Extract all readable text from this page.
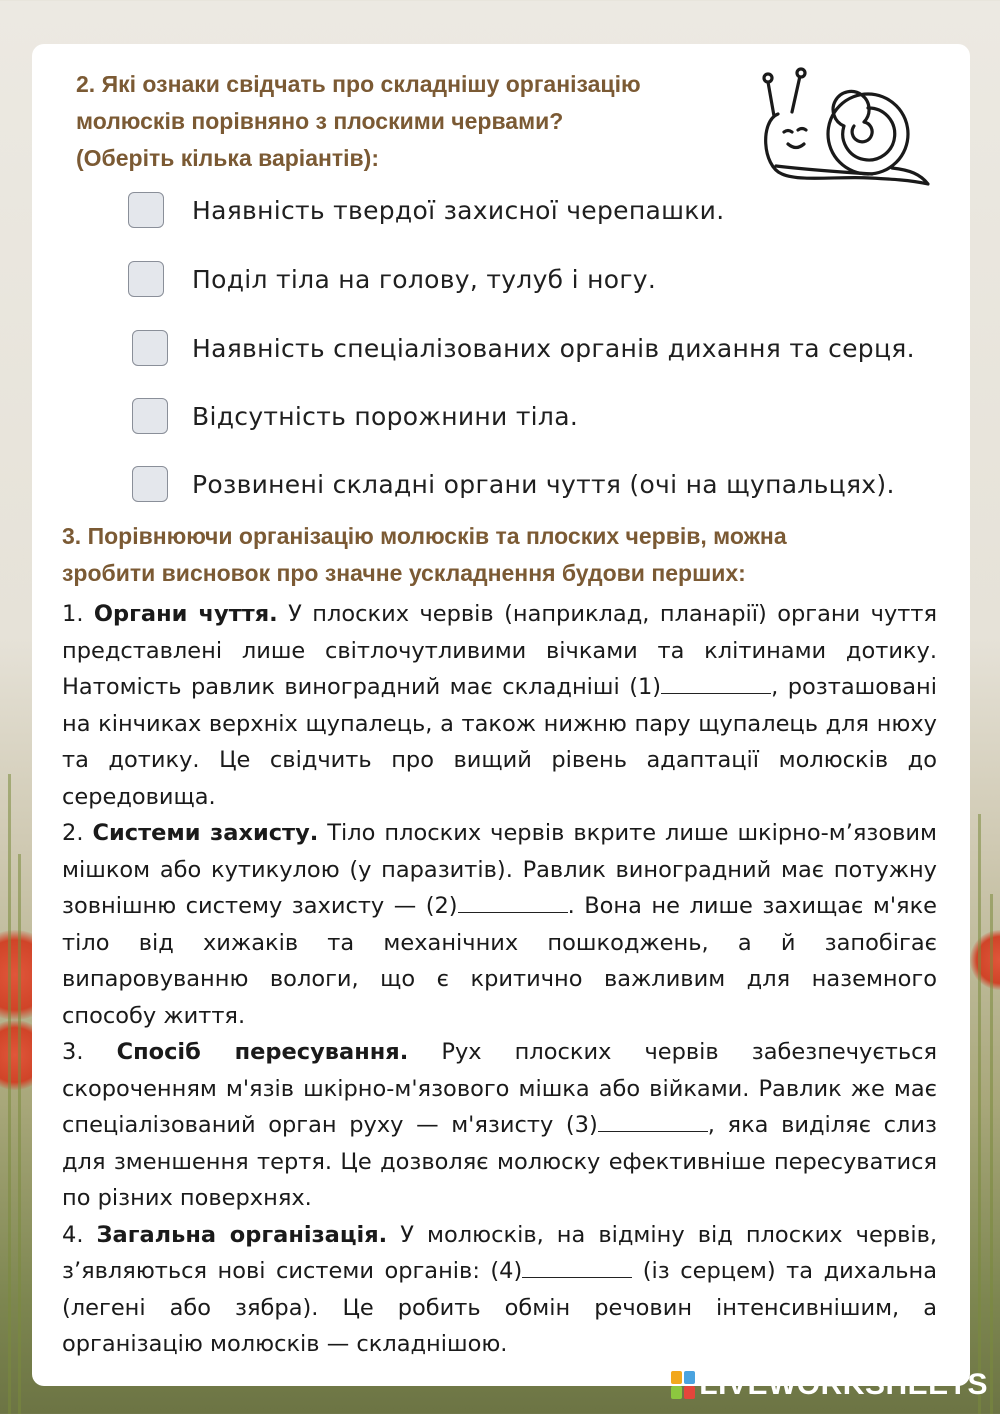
2. Які ознаки свідчать про складнішу організацію
молюсків порівняно з плоскими червами?
(Оберіть кілька варіантів):
Наявність твердої захисної черепашки.
Поділ тіла на голову, тулуб і ногу.
Наявність спеціалізованих органів дихання та серця.
Відсутність порожнини тіла.
Розвинені складні органи чуття (очі на щупальцях).
3. Порівнюючи організацію молюсків та плоских червів, можна
зробити висновок про значне ускладнення будови перших:

1. Органи чуття. У плоских червів (наприклад, планарії) органи чуття представлені лише світлочутливими вічками та клітинами дотику. Натомість равлик виноградний має складніші (1)	, розташовані на кінчиках верхніх щупалець, а також нижню пару щупалець для нюху та дотику. Це свідчить про вищий рівень адаптації молюсків до середовища.

2. Системи захисту. Тіло плоских червів вкрите лише шкірно-м’язовим мішком або кутикулою (у паразитів). Равлик виноградний має потужну зовнішню систему захисту — (2)	. Вона не лише захищає м'яке тіло від хижаків та механічних пошкоджень, а й запобігає випаровуванню вологи, що є критично важливим для наземного способу життя.

3. Спосіб пересування. Рух плоских червів забезпечується скороченням м'язів шкірно-м'язового мішка або війками. Равлик же має спеціалізований орган руху — м'язисту (3)	, яка виділяє слиз для зменшення тертя. Це дозволяє молюску ефективніше пересуватися по різних поверхнях.

4. Загальна організація. У молюсків, на відміну від плоских червів, з’являються нові системи органів: (4)	(із серцем) та дихальна (легені або зябра). Це робить обмін речовин інтенсивнішим, а організацію молюсків — складнішою.

LIVEWORKSHEETS
